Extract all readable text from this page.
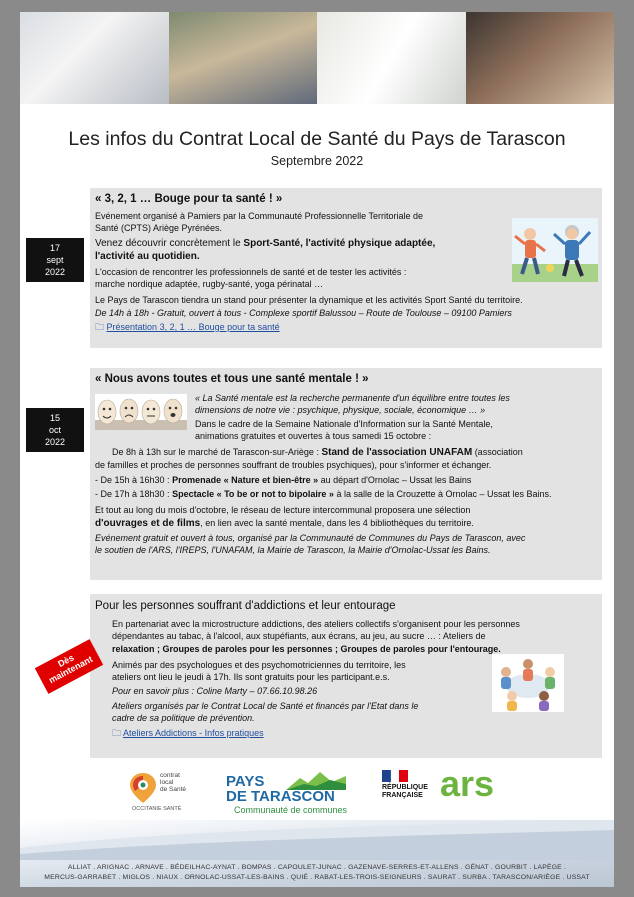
Les infos du Contrat Local de Santé du Pays de Tarascon
Septembre 2022
17
sept
2022
15
oct
2022
« 3, 2, 1 … Bouge pour ta santé ! »
Evénement organisé à Pamiers par la Communauté Professionnelle Territoriale de
Santé (CPTS) Ariège Pyrénées.
Venez découvrir concrètement le Sport-Santé, l'activité physique adaptée,
l'activité au quotidien.
L'occasion de rencontrer les professionnels de santé et de tester les activités :
marche nordique adaptée, rugby-santé, yoga périnatal …
Le Pays de Tarascon tiendra un stand pour présenter la dynamique et les activités Sport Santé du territoire.
De 14h à 18h - Gratuit, ouvert à tous - Complexe sportif Balussou – Route de Toulouse – 09100 Pamiers
🗀 Présentation 3, 2, 1 … Bouge pour ta santé
« Nous avons toutes et tous une santé mentale ! »
« La Santé mentale est la recherche permanente d'un équilibre entre toutes les
dimensions de notre vie : psychique, physique, sociale, économique … »
Dans le cadre de la Semaine Nationale d'Information sur la Santé Mentale,
animations gratuites et ouvertes à tous samedi 15 octobre :
De 8h à 13h sur le marché de Tarascon-sur-Ariège : Stand de l'association UNAFAM (association
de familles et proches de personnes souffrant de troubles psychiques), pour s'informer et échanger.
- De 15h à 16h30 : Promenade « Nature et bien-être » au départ d'Ornolac – Ussat les Bains
- De 17h à 18h30 : Spectacle « To be or not to bipolaire » à la salle de la Crouzette à Ornolac – Ussat les Bains.
Et tout au long du mois d'octobre, le réseau de lecture intercommunal proposera une sélection
d'ouvrages et de films, en lien avec la santé mentale, dans les 4 bibliothèques du territoire.
Evénement gratuit et ouvert à tous, organisé par la Communauté de Communes du Pays de Tarascon, avec
le soutien de l'ARS, l'IREPS, l'UNAFAM, la Mairie de Tarascon, la Mairie d'Ornolac-Ussat les Bains.
Pour les personnes souffrant d'addictions et leur entourage
En partenariat avec la microstructure addictions, des ateliers collectifs s'organisent pour les personnes
dépendantes au tabac, à l'alcool, aux stupéfiants, aux écrans, au jeu, au sucre … : Ateliers de
relaxation ; Groupes de paroles pour les personnes ; Groupes de paroles pour l'entourage.
Animés par des psychologues et des psychomotriciennes du territoire, les
ateliers ont lieu le jeudi à 17h. Ils sont gratuits pour les participant.e.s.
Pour en savoir plus : Coline Marty – 07.66.10.98.26
Ateliers organisés par le Contrat Local de Santé et financés par l'Etat dans le
cadre de sa politique de prévention.
🗀 Ateliers Addictions - Infos pratiques
Dès maintenant
contrat
local
de Santé
OCCITANIE SANTÉ
PAYS
DE TARASCON
Communauté de communes
RÉPUBLIQUE
FRANÇAISE ars
ALLIAT . ARIGNAC . ARNAVE . BÉDEILHAC-AYNAT . BOMPAS . CAPOULET-JUNAC . GAZENAVE-SERRES-ET-ALLENS . GÉNAT . GOURBIT . LAPÈGE .
MERCUS-GARRABET . MIGLOS . NIAUX . ORNOLAC-USSAT-LES-BAINS . QUIÉ . RABAT-LES-TROIS-SEIGNEURS . SAURAT . SURBA . TARASCON/ARIÈGE . USSAT
